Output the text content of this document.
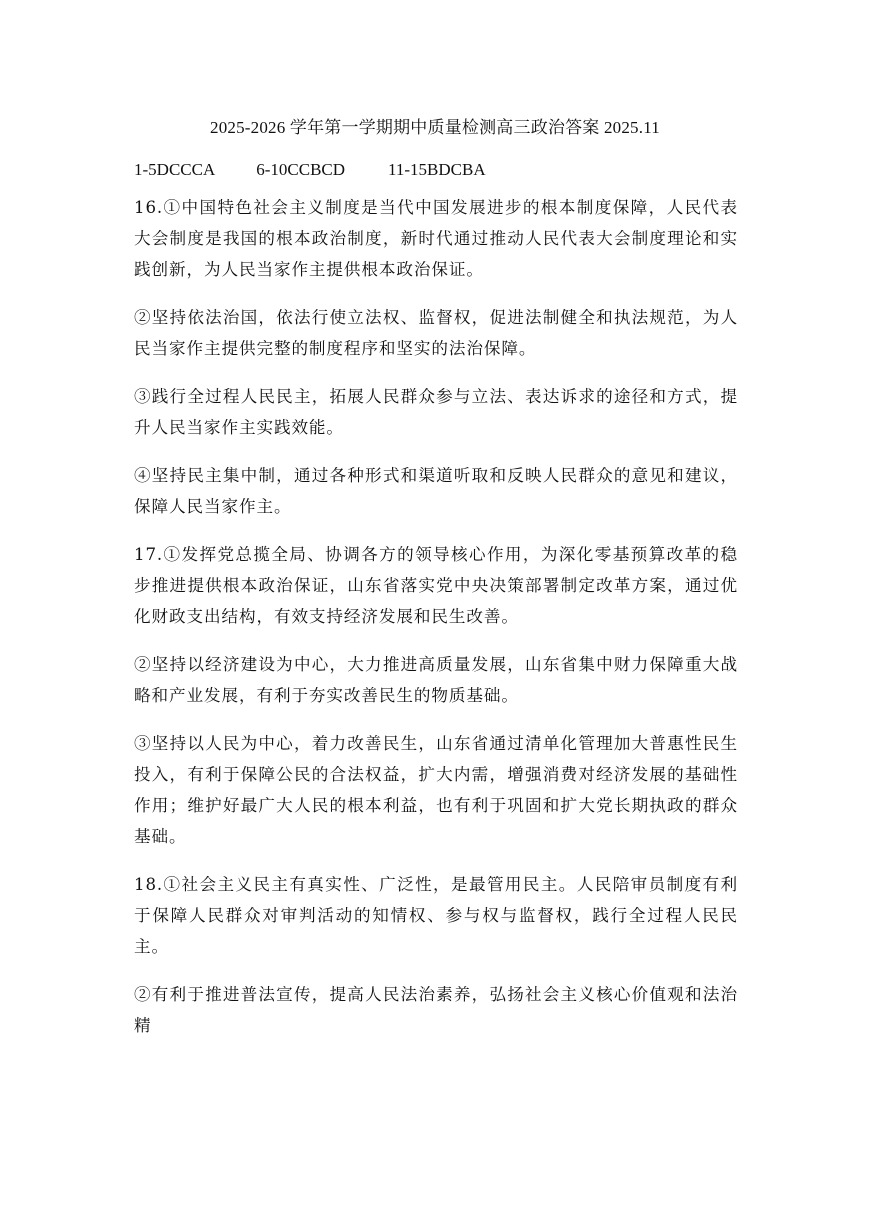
2025-2026 学年第一学期期中质量检测高三政治答案 2025.11
1-5DCCCA 6-10CCBCD	11-15BDCBA

16.①中国特色社会主义制度是当代中国发展进步的根本制度保障，人民代表大会制度是我国的根本政治制度，新时代通过推动人民代表大会制度理论和实践创新，为人民当家作主提供根本政治保证。

②坚持依法治国，依法行使立法权、监督权，促进法制健全和执法规范，为人民当家作主提供完整的制度程序和坚实的法治保障。

③践行全过程人民民主，拓展人民群众参与立法、表达诉求的途径和方式，提升人民当家作主实践效能。

④坚持民主集中制，通过各种形式和渠道听取和反映人民群众的意见和建议，保障人民当家作主。

17.①发挥党总揽全局、协调各方的领导核心作用，为深化零基预算改革的稳步推进提供根本政治保证，山东省落实党中央决策部署制定改革方案，通过优化财政支出结构，有效支持经济发展和民生改善。

②坚持以经济建设为中心，大力推进高质量发展，山东省集中财力保障重大战略和产业发展，有利于夯实改善民生的物质基础。

③坚持以人民为中心，着力改善民生，山东省通过清单化管理加大普惠性民生投入，有利于保障公民的合法权益，扩大内需，增强消费对经济发展的基础性作用；维护好最广大人民的根本利益，也有利于巩固和扩大党长期执政的群众基础。

18.①社会主义民主有真实性、广泛性，是最管用民主。人民陪审员制度有利于保障人民群众对审判活动的知情权、参与权与监督权，践行全过程人民民主。

②有利于推进普法宣传，提高人民法治素养，弘扬社会主义核心价值观和法治精
